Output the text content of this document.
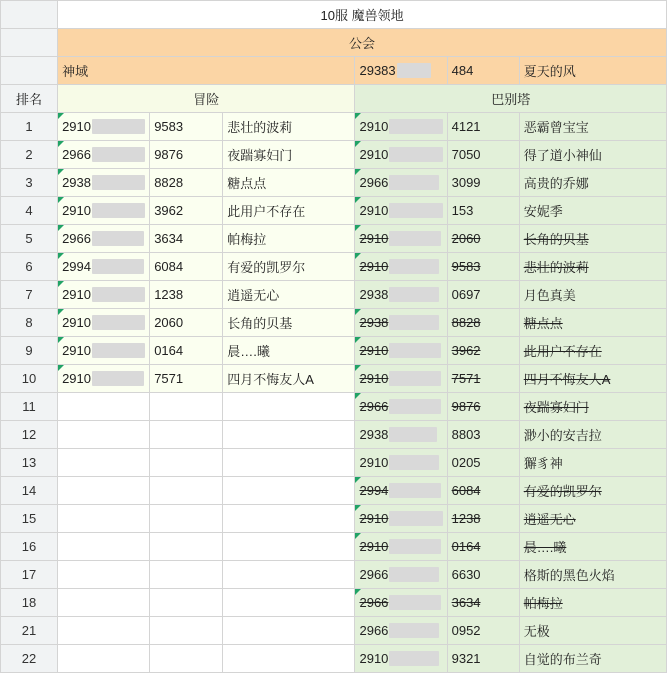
	10服 魔兽领地					
	公会					
	神域			29383	484	夏天的风
排名	冒险			巴别塔		
1	2910	9583	悲壮的波莉	2910	4121	恶霸曾宝宝
2	2966	9876	夜踹寡妇门	2910	7050	得了道小神仙
3	2938	8828	糖点点	2966	3099	高贵的乔娜
4	2910	3962	此用户不存在	2910	153	安妮季
5	2966	3634	帕梅拉	2910	2060	长角的贝基
6	2994	6084	有爱的凯罗尔	2910	9583	悲壮的波莉
7	2910	1238	逍遥无心	2938	0697	月色真美
8	2910	2060	长角的贝基	2938	8828	糖点点
9	2910	0164	晨….曦	2910	3962	此用户不存在
10	2910	7571	四月不悔友人A	2910	7571	四月不悔友人A
11				2966	9876	夜踹寡妇门
12				2938	8803	渺小的安吉拉
13				2910	0205	獬豸神
14				2994	6084	有爱的凯罗尔
15				2910	1238	逍遥无心
16				2910	0164	晨….曦
17				2966	6630	格斯的黑色火焰
18				2966	3634	帕梅拉
21				2966	0952	无极
22				2910	9321	自觉的布兰奇
